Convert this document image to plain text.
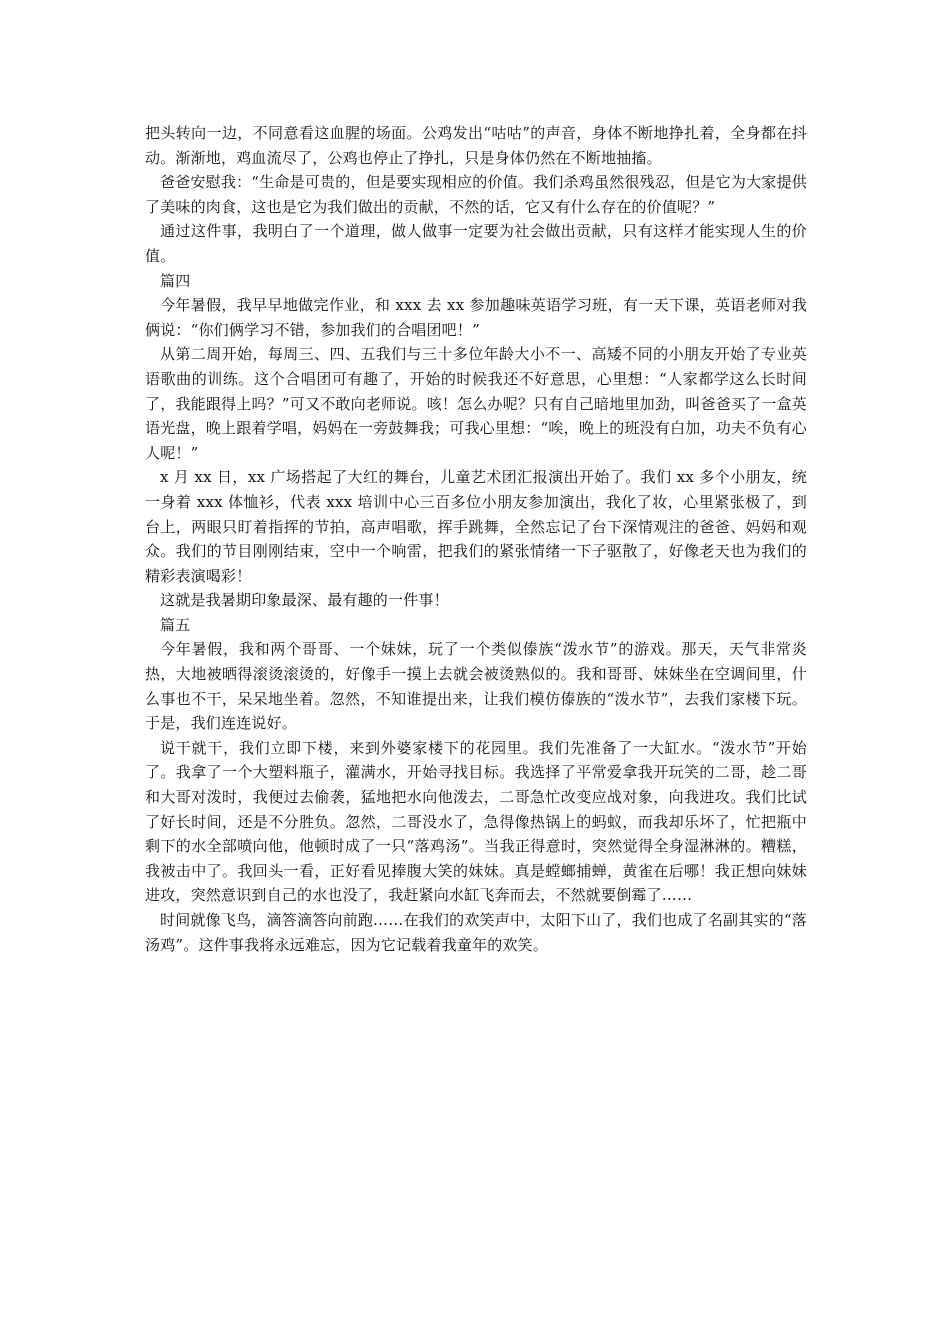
把头转向一边，不同意看这血腥的场面。公鸡发出“咕咕”的声音，身体不断地挣扎着，全身都在抖动。渐渐地，鸡血流尽了，公鸡也停止了挣扎，只是身体仍然在不断地抽搐。

爸爸安慰我：“生命是可贵的，但是要实现相应的价值。我们杀鸡虽然很残忍，但是它为大家提供了美味的肉食，这也是它为我们做出的贡献，不然的话，它又有什么存在的价值呢？”

通过这件事，我明白了一个道理，做人做事一定要为社会做出贡献，只有这样才能实现人生的价值。

篇四

今年暑假，我早早地做完作业，和 xxx 去 xx 参加趣味英语学习班，有一天下课，英语老师对我俩说：“你们俩学习不错，参加我们的合唱团吧！”

从第二周开始，每周三、四、五我们与三十多位年龄大小不一、高矮不同的小朋友开始了专业英语歌曲的训练。这个合唱团可有趣了，开始的时候我还不好意思，心里想：“人家都学这么长时间了，我能跟得上吗？”可又不敢向老师说。咳！怎么办呢？只有自己暗地里加劲，叫爸爸买了一盒英语光盘，晚上跟着学唱，妈妈在一旁鼓舞我；可我心里想：“唉，晚上的班没有白加，功夫不负有心人呢！”

x 月 xx 日，xx 广场搭起了大红的舞台，儿童艺术团汇报演出开始了。我们 xx 多个小朋友，统一身着 xxx 体恤衫，代表 xxx 培训中心三百多位小朋友参加演出，我化了妆，心里紧张极了，到台上，两眼只盯着指挥的节拍，高声唱歌，挥手跳舞，全然忘记了台下深情观注的爸爸、妈妈和观众。我们的节目刚刚结束，空中一个响雷，把我们的紧张情绪一下子驱散了，好像老天也为我们的精彩表演喝彩！

这就是我暑期印象最深、最有趣的一件事！

篇五

今年暑假，我和两个哥哥、一个妹妹，玩了一个类似傣族“泼水节”的游戏。那天，天气非常炎热，大地被晒得滚烫滚烫的，好像手一摸上去就会被烫熟似的。我和哥哥、妹妹坐在空调间里，什么事也不干，呆呆地坐着。忽然，不知谁提出来，让我们模仿傣族的“泼水节”，去我们家楼下玩。于是，我们连连说好。

说干就干，我们立即下楼，来到外婆家楼下的花园里。我们先准备了一大缸水。“泼水节”开始了。我拿了一个大塑料瓶子，灌满水，开始寻找目标。我选择了平常爱拿我开玩笑的二哥，趁二哥和大哥对泼时，我便过去偷袭，猛地把水向他泼去，二哥急忙改变应战对象，向我进攻。我们比试了好长时间，还是不分胜负。忽然，二哥没水了，急得像热锅上的蚂蚁，而我却乐坏了，忙把瓶中剩下的水全部喷向他，他顿时成了一只“落鸡汤”。当我正得意时，突然觉得全身湿淋淋的。糟糕，我被击中了。我回头一看，正好看见捧腹大笑的妹妹。真是螳螂捕蝉，黄雀在后哪！我正想向妹妹进攻，突然意识到自己的水也没了，我赶紧向水缸飞奔而去，不然就要倒霉了……

时间就像飞鸟，滴答滴答向前跑……在我们的欢笑声中，太阳下山了，我们也成了名副其实的“落汤鸡”。这件事我将永远难忘，因为它记载着我童年的欢笑。
